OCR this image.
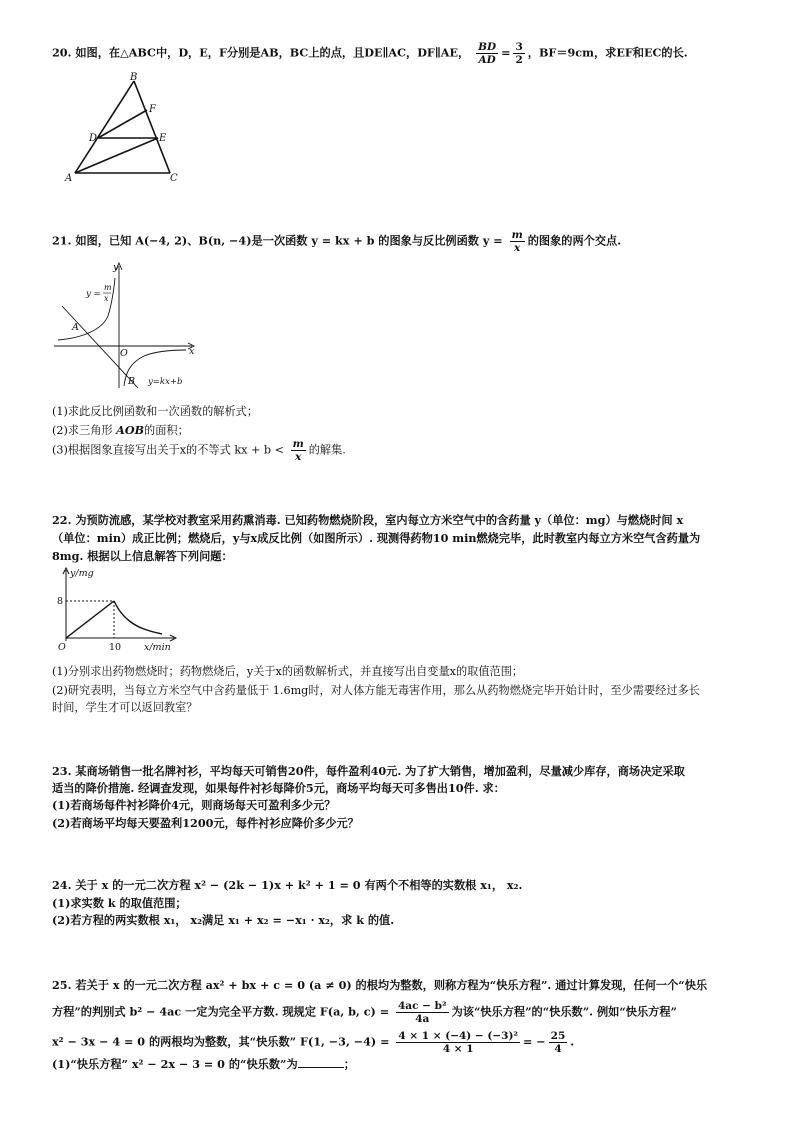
20. 如图，在△ABC中，D，E，F分别是AB，BC上的点，且DE∥AC，DF∥AE， $\frac{BD}{AD} = \frac{3}{2}$ ，BF＝9cm，求EF和EC的长.
B
F
D	E
A	C
21. 如图，已知 A(−4, 2)、B(n, −4)是一次函数 y = kx + b 的图象与反比例函数 $y = \frac{m}{x}$ 的图象的两个交点.
y
x
O
A
B
y =
m
x
y=kx+b
(1)求此反比例函数和一次函数的解析式；
(2)求三角形 AOB的面积；
(3)根据图象直接写出关于x的不等式 kx + $b < \frac{m}{x}$ 的解集.
22. 为预防流感，某学校对教室采用药熏消毒. 已知药物燃烧阶段，室内每立方米空气中的含药量 y（单位：mg）与燃烧时间 x
（单位：min）成正比例；燃烧后，y与x成反比例（如图所示）. 现测得药物10 min燃烧完毕，此时教室内每立方米空气含药量为
8mg. 根据以上信息解答下列问题：
y/mg
x/min
O
8
10
(1)分别求出药物燃烧时；药物燃烧后，y关于x的函数解析式，并直接写出自变量x的取值范围；
(2)研究表明，当每立方米空气中含药量低于 1.6mg时，对人体方能无毒害作用，那么从药物燃烧完毕开始计时，至少需要经过多长
时间，学生才可以返回教室？
23. 某商场销售一批名牌衬衫，平均每天可销售20件，每件盈利40元. 为了扩大销售，增加盈利，尽量减少库存，商场决定采取
适当的降价措施. 经调查发现，如果每件衬衫每降价5元，商场平均每天可多售出10件. 求：
(1)若商场每件衬衫降价4元，则商场每天可盈利多少元？
(2)若商场平均每天要盈利1200元，每件衬衫应降价多少元？
24. 关于 x 的一元二次方程 x² − (2k − 1)x + k² + 1 = 0 有两个不相等的实数根 x₁， x₂.
(1)求实数 k 的取值范围；
(2)若方程的两实数根 x₁， x₂满足 x₁ + x₂ = −x₁ · x₂，求 k 的值.
25. 若关于 x 的一元二次方程 ax² + bx + c = 0 (a ≠ 0) 的根均为整数，则称方程为“快乐方程”. 通过计算发现，任何一个“快乐
方程”的判别式 b² − 4ac 一定为完全平方数. 现规定 F(a, b, $c) = \frac{\text{4ac − b²}}{4a}$ 为该“快乐方程”的“快乐数”. 例如“快乐方程”
x² − 3x − 4 = 0 的两根均为整数，其“快乐数” F(1, −3, $-4) = \frac{\text{4 × 1 × (−4) − (−3)²}}{4 \times 1}$ = − $\frac{25}{4}$ .
(1)“快乐方程” x² − 2x − 3 = 0 的“快乐数”为	；
